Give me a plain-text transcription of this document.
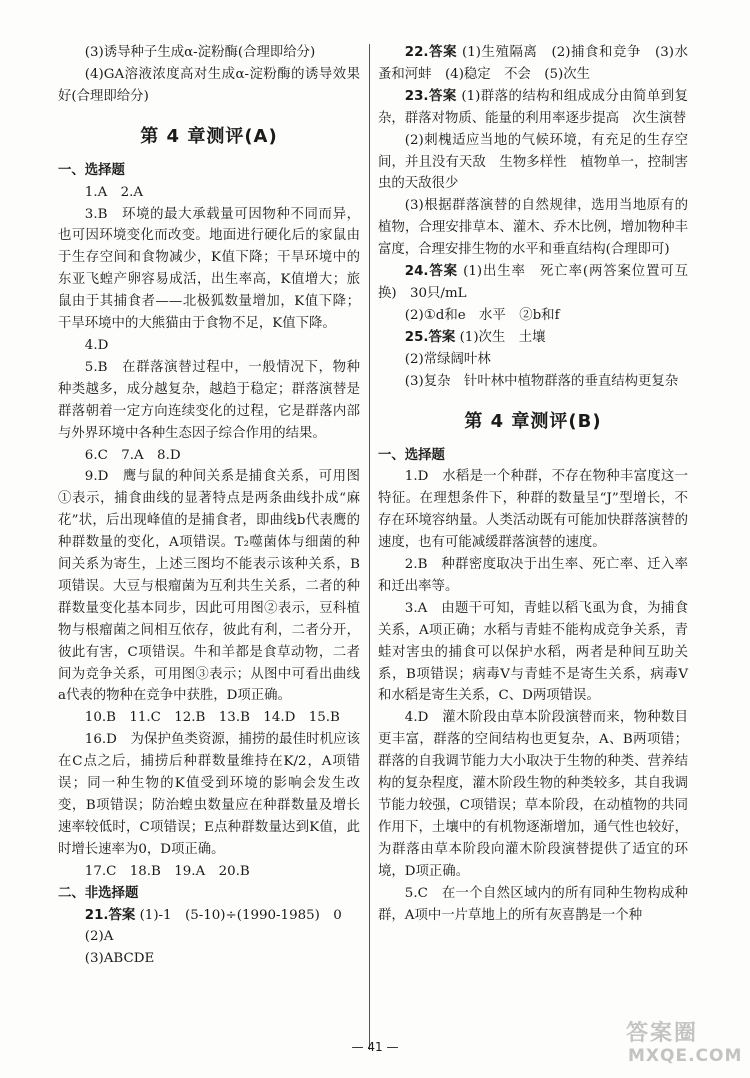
(3)诱导种子生成α-淀粉酶(合理即给分)
(4)GA溶液浓度高对生成α-淀粉酶的诱导效果好(合理即给分)
第 4 章测评(A)
一、选择题
1.A　2.A
3.B　环境的最大承载量可因物种不同而异，也可因环境变化而改变。地面进行硬化后的家鼠由于生存空间和食物减少，K值下降；干旱环境中的东亚飞蝗产卵容易成活，出生率高，K值增大；旅鼠由于其捕食者——北极狐数量增加，K值下降；干旱环境中的大熊猫由于食物不足，K值下降。
4.D
5.B　在群落演替过程中，一般情况下，物种种类越多，成分越复杂，越趋于稳定；群落演替是群落朝着一定方向连续变化的过程，它是群落内部与外界环境中各种生态因子综合作用的结果。
6.C　7.A　8.D
9.D　鹰与鼠的种间关系是捕食关系，可用图①表示，捕食曲线的显著特点是两条曲线扑成“麻花”状，后出现峰值的是捕食者，即曲线b代表鹰的种群数量的变化，A项错误。T₂噬菌体与细菌的种间关系为寄生，上述三图均不能表示该种关系，B项错误。大豆与根瘤菌为互利共生关系，二者的种群数量变化基本同步，因此可用图②表示，豆科植物与根瘤菌之间相互依存，彼此有利，二者分开，彼此有害，C项错误。牛和羊都是食草动物，二者间为竞争关系，可用图③表示；从图中可看出曲线a代表的物种在竞争中获胜，D项正确。
10.B　11.C　12.B　13.B　14.D　15.B
16.D　为保护鱼类资源，捕捞的最佳时机应该在C点之后，捕捞后种群数量维持在K/2，A项错误；同一种生物的K值受到环境的影响会发生改变，B项错误；防治蝗虫数量应在种群数量及增长速率较低时，C项错误；E点种群数量达到K值，此时增长速率为0，D项正确。
17.C　18.B　19.A　20.B
二、非选择题
21.答案 (1)-1　(5-10)÷(1990-1985)　0
(2)A
(3)ABCDE
22.答案 (1)生殖隔离　(2)捕食和竞争　(3)水蚤和河蚌　(4)稳定　不会　(5)次生
23.答案 (1)群落的结构和组成成分由简单到复杂，群落对物质、能量的利用率逐步提高　次生演替
(2)刺槐适应当地的气候环境，有充足的生存空间，并且没有天敌　生物多样性　植物单一，控制害虫的天敌很少
(3)根据群落演替的自然规律，选用当地原有的植物，合理安排草本、灌木、乔木比例，增加物种丰富度，合理安排生物的水平和垂直结构(合理即可)
24.答案 (1)出生率　死亡率(两答案位置可互换)　30只/mL
(2)①d和e　水平　②b和f
25.答案 (1)次生　土壤
(2)常绿阔叶林
(3)复杂　针叶林中植物群落的垂直结构更复杂
第 4 章测评(B)
一、选择题
1.D　水稻是一个种群，不存在物种丰富度这一特征。在理想条件下，种群的数量呈“J”型增长，不存在环境容纳量。人类活动既有可能加快群落演替的速度，也有可能减缓群落演替的速度。
2.B　种群密度取决于出生率、死亡率、迁入率和迁出率等。
3.A　由题干可知，青蛙以稻飞虱为食，为捕食关系，A项正确；水稻与青蛙不能构成竞争关系，青蛙对害虫的捕食可以保护水稻，两者是种间互助关系，B项错误；病毒V与青蛙不是寄生关系，病毒V和水稻是寄生关系，C、D两项错误。
4.D　灌木阶段由草本阶段演替而来，物种数目更丰富，群落的空间结构也更复杂，A、B两项错；群落的自我调节能力大小取决于生物的种类、营养结构的复杂程度，灌木阶段生物的种类较多，其自我调节能力较强，C项错误；草本阶段，在动植物的共同作用下，土壤中的有机物逐渐增加，通气性也较好，为群落由草本阶段向灌木阶段演替提供了适宜的环境，D项正确。
5.C　在一个自然区域内的所有同种生物构成种群，A项中一片草地上的所有灰喜鹊是一个种
— 41 —
答案圈
MXQE.COM
